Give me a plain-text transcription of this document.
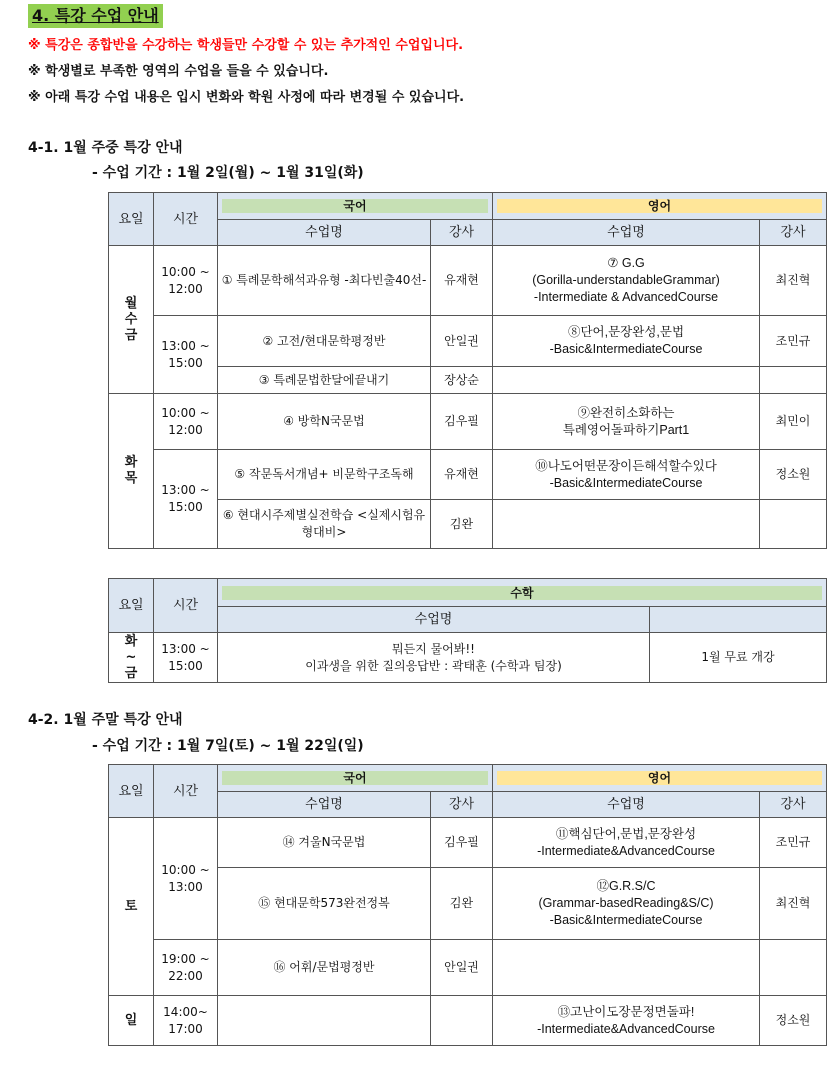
4. 특강 수업 안내
※ 특강은 종합반을 수강하는 학생들만 수강할 수 있는 추가적인 수업입니다.
※ 학생별로 부족한 영역의 수업을 들을 수 있습니다.
※ 아래 특강 수업 내용은 입시 변화와 학원 사정에 따라 변경될 수 있습니다.
4-1. 1월 주중 특강 안내
- 수업 기간 : 1월 2일(월) ~ 1월 31일(화)
요일	시간	국어		영어	

		수업명	강사	수업명	강사
월수금	10:00 ~ 12:00	① 특례문학해석과유형 -최다빈출40선-	유재현	⑦ G.G
(Gorilla-understandableGrammar)
-Intermediate & AdvancedCourse	최진혁
	13:00 ~ 15:00	② 고전/현대문학평정반	안일권	⑧단어,문장완성,문법
-Basic&IntermediateCourse	조민규
		③ 특례문법한달에끝내기	장상순		
화목	10:00 ~ 12:00	④ 방학N국문법	김우필	⑨완전히소화하는
특례영어돌파하기Part1	최민이
	13:00 ~ 15:00	⑤ 작문독서개념+ 비문학구조독해	유재현	⑩나도어떤문장이든해석할수있다
-Basic&IntermediateCourse	정소원
		⑥ 현대시주제별실전학습 <실제시험유형대비>	김완		
요일	시간	수학	

		수업명	
화~금	13:00 ~ 15:00	뭐든지 물어봐!!
이과생을 위한 질의응답반 : 곽태훈 (수학과 팀장)	1월 무료 개강
4-2. 1월 주말 특강 안내
- 수업 기간 : 1월 7일(토) ~ 1월 22일(일)
요일	시간	국어		영어	

		수업명	강사	수업명	강사
토	10:00 ~ 13:00	⑭ 겨울N국문법	김우필	⑪핵심단어,문법,문장완성
-Intermediate&AdvancedCourse	조민규
		⑮ 현대문학573완전정복	김완	⑫G.R.S/C
(Grammar-basedReading&S/C)
-Basic&IntermediateCourse	최진혁
	19:00 ~ 22:00	⑯ 어휘/문법평정반	안일권		
일	14:00~ 17:00			⑬고난이도장문정면돌파!
-Intermediate&AdvancedCourse	정소원
